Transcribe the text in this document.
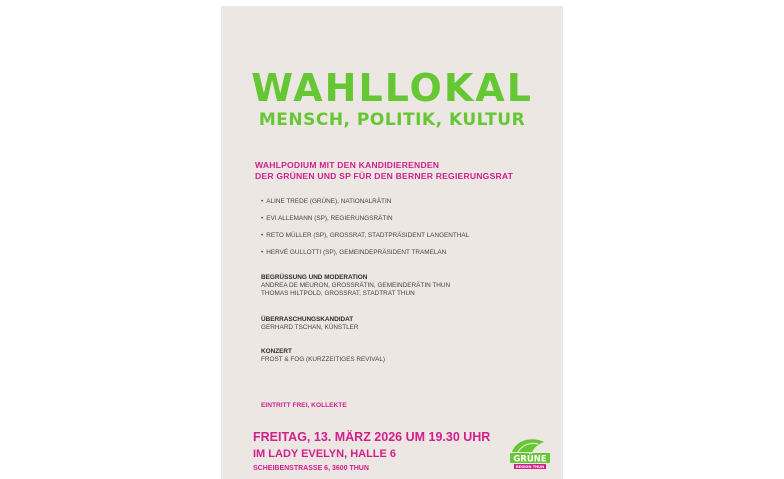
WAHLLOKAL
MENSCH, POLITIK, KULTUR
WAHLPODIUM MIT DEN KANDIDIERENDEN
DER GRÜNEN UND SP FÜR DEN BERNER REGIERUNGSRAT
• ALINE TREDE (GRÜNE), NATIONALRÄTIN
• EVI ALLEMANN (SP), REGIERUNGSRÄTIN
• RETO MÜLLER (SP), GROSSRAT, STADTPRÄSIDENT LANGENTHAL
• HERVÉ GULLOTTI (SP), GEMEINDEPRÄSIDENT TRAMELAN
BEGRÜSSUNG UND MODERATION
ANDREA DE MEURON, GROSSRÄTIN, GEMEINDERÄTIN THUN
THOMAS HILTPOLD, GROSSRAT, STADTRAT THUN
ÜBERRASCHUNGSKANDIDAT
GERHARD TSCHAN, KÜNSTLER
KONZERT
FROST & FOG (KURZZEITIGES REVIVAL)
EINTRITT FREI, KOLLEKTE
FREITAG, 13. MÄRZ 2026 UM 19.30 UHR
IM LADY EVELYN, HALLE 6
SCHEIBENSTRASSE 6, 3600 THUN
GRÜNE
REGION THUN
